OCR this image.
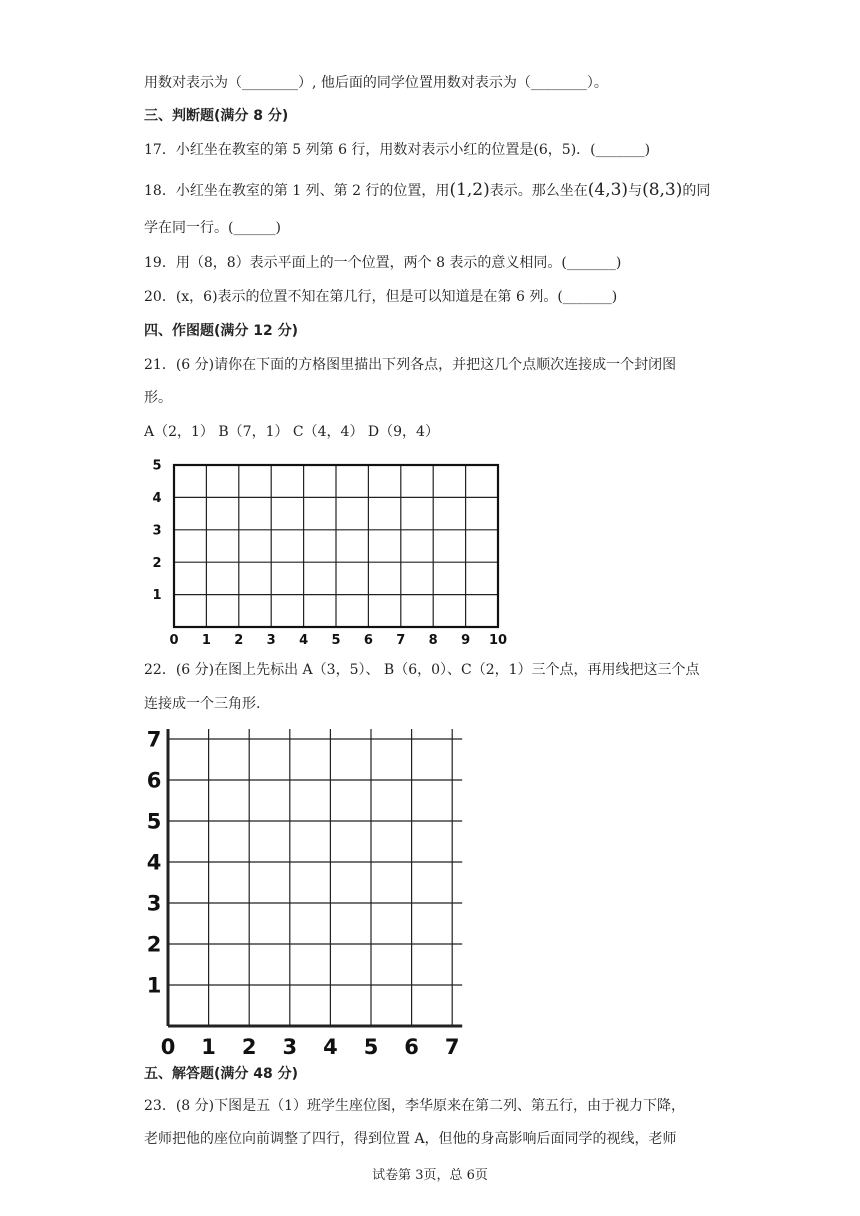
用数对表示为（________）, 他后面的同学位置用数对表示为（________）。
三、判断题(满分 8 分)
17．小红坐在教室的第 5 列第 6 行，用数对表示小红的位置是(6，5)．(_______)
18．小红坐在教室的第 1 列、第 2 行的位置，用(1,2)表示。那么坐在(4,3)与(8,3)的同
学在同一行。(______)
19．用（8，8）表示平面上的一个位置，两个 8 表示的意义相同。(_______)
20．(x，6)表示的位置不知在第几行，但是可以知道是在第 6 列。(_______)
四、作图题(满分 12 分)
21．(6 分)请你在下面的方格图里描出下列各点，并把这几个点顺次连接成一个封闭图
形。
A（2，1） B（7，1） C（4，4） D（9，4）
0 1 2 3 4 5 6 7 8 9 10
1
2
3
4
5
22．(6 分)在图上先标出 A（3，5）、 B（6，0）、C（2，1）三个点，再用线把这三个点
连接成一个三角形.
0 1 2 3 4 5 6 7
1
2
3
4
5
6
7
五、解答题(满分 48 分)
23．(8 分)下图是五（1）班学生座位图，李华原来在第二列、第五行，由于视力下降，
老师把他的座位向前调整了四行，得到位置 A，但他的身高影响后面同学的视线，老师
试卷第 3页，总 6页
